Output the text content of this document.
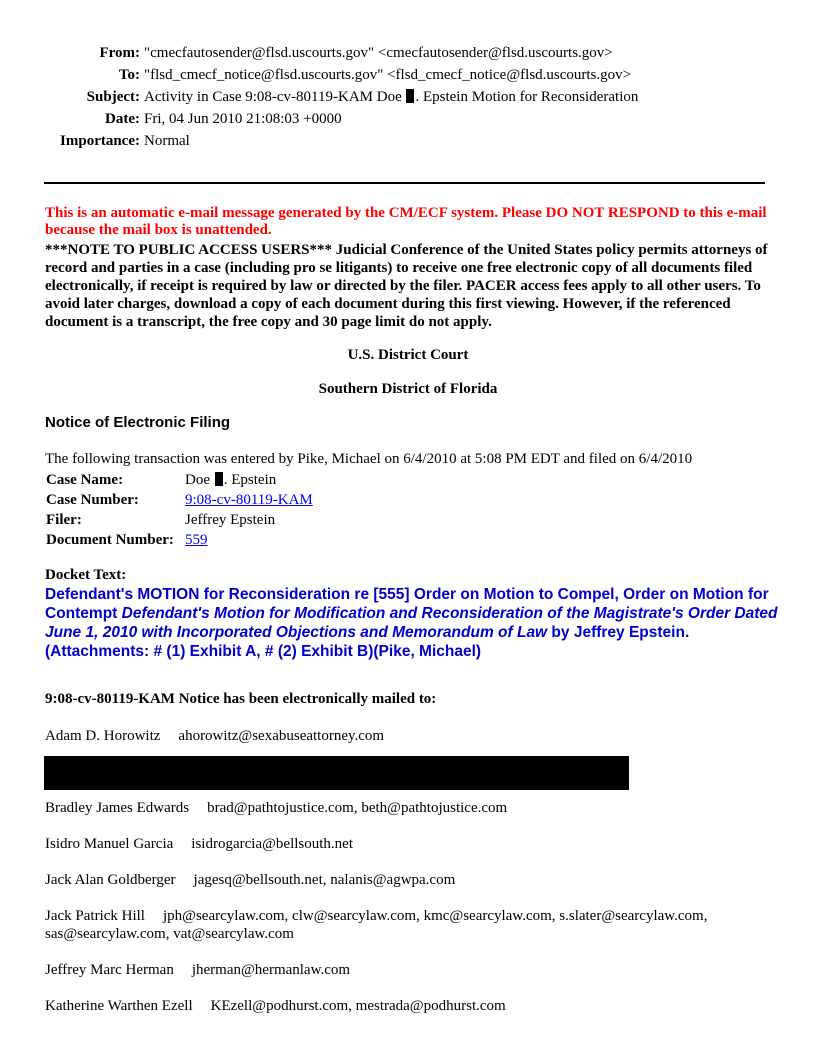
From: "cmecfautosender@flsd.uscourts.gov" <cmecfautosender@flsd.uscourts.gov>
To: "flsd_cmecf_notice@flsd.uscourts.gov" <flsd_cmecf_notice@flsd.uscourts.gov>
Subject: Activity in Case 9:08-cv-80119-KAM Doe . Epstein Motion for Reconsideration
Date: Fri, 04 Jun 2010 21:08:03 +0000
Importance: Normal
This is an automatic e-mail message generated by the CM/ECF system. Please DO NOT RESPOND to this e-mail because the mail box is unattended.
***NOTE TO PUBLIC ACCESS USERS*** Judicial Conference of the United States policy permits attorneys of record and parties in a case (including pro se litigants) to receive one free electronic copy of all documents filed electronically, if receipt is required by law or directed by the filer. PACER access fees apply to all other users. To avoid later charges, download a copy of each document during this first viewing. However, if the referenced document is a transcript, the free copy and 30 page limit do not apply.
U.S. District Court
Southern District of Florida
Notice of Electronic Filing
The following transaction was entered by Pike, Michael on 6/4/2010 at 5:08 PM EDT and filed on 6/4/2010
Case Name:	Doe . Epstein
Case Number:	9:08-cv-80119-KAM
Filer:	Jeffrey Epstein
Document Number: 559
Docket Text:
Defendant's MOTION for Reconsideration re [555] Order on Motion to Compel, Order on Motion for Contempt Defendant's Motion for Modification and Reconsideration of the Magistrate's Order Dated June 1, 2010 with Incorporated Objections and Memorandum of Law by Jeffrey Epstein. (Attachments: # (1) Exhibit A, # (2) Exhibit B)(Pike, Michael)
9:08-cv-80119-KAM Notice has been electronically mailed to:
Adam D. Horowitz ahorowitz@sexabuseattorney.com
Bradley James Edwards brad@pathtojustice.com, beth@pathtojustice.com
Isidro Manuel Garcia isidrogarcia@bellsouth.net
Jack Alan Goldberger jagesq@bellsouth.net, nalanis@agwpa.com
Jack Patrick Hill jph@searcylaw.com, clw@searcylaw.com, kmc@searcylaw.com, s.slater@searcylaw.com, sas@searcylaw.com, vat@searcylaw.com
Jeffrey Marc Herman jherman@hermanlaw.com
Katherine Warthen Ezell KEzell@podhurst.com, mestrada@podhurst.com
